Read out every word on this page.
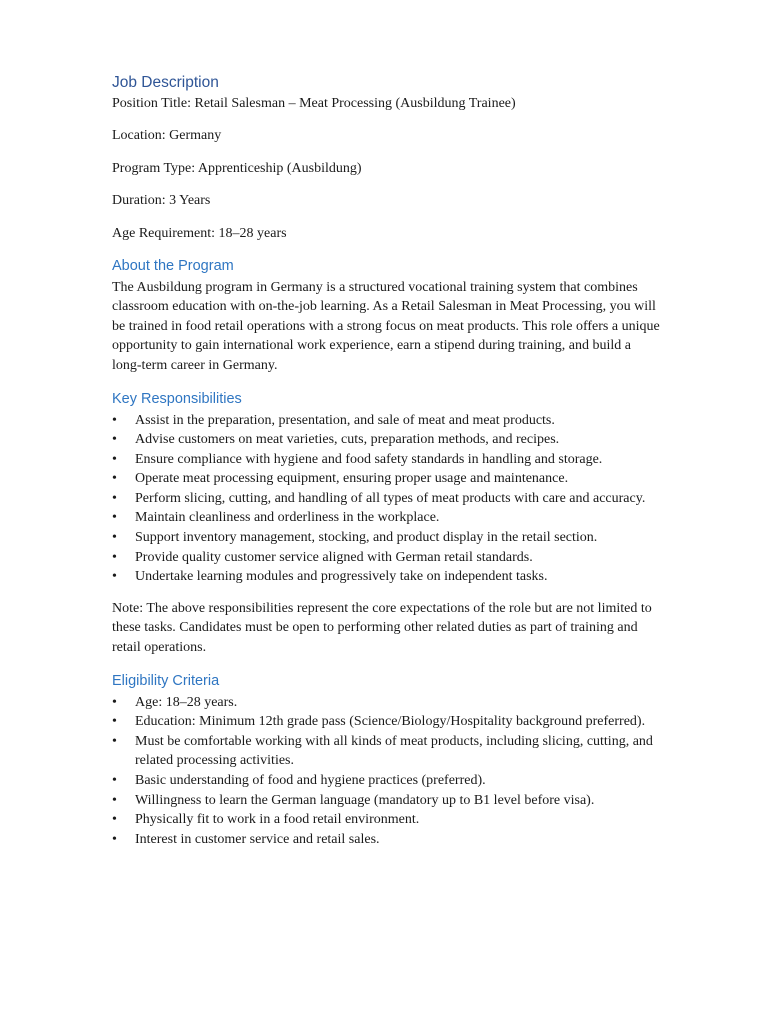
Job Description

Position Title: Retail Salesman – Meat Processing (Ausbildung Trainee)

Location: Germany

Program Type: Apprenticeship (Ausbildung)

Duration: 3 Years

Age Requirement: 18–28 years

About the Program

The Ausbildung program in Germany is a structured vocational training system that combines classroom education with on-the-job learning. As a Retail Salesman in Meat Processing, you will be trained in food retail operations with a strong focus on meat products. This role offers a unique opportunity to gain international work experience, earn a stipend during training, and build a long-term career in Germany.

Key Responsibilities
•	Assist in the preparation, presentation, and sale of meat and meat products.
•	Advise customers on meat varieties, cuts, preparation methods, and recipes.
•	Ensure compliance with hygiene and food safety standards in handling and storage.
•	Operate meat processing equipment, ensuring proper usage and maintenance.
•	Perform slicing, cutting, and handling of all types of meat products with care and accuracy.
•	Maintain cleanliness and orderliness in the workplace.
•	Support inventory management, stocking, and product display in the retail section.
•	Provide quality customer service aligned with German retail standards.
•	Undertake learning modules and progressively take on independent tasks.

Note: The above responsibilities represent the core expectations of the role but are not limited to these tasks. Candidates must be open to performing other related duties as part of training and retail operations.

Eligibility Criteria
•	Age: 18–28 years.
•	Education: Minimum 12th grade pass (Science/Biology/Hospitality background preferred).
•	Must be comfortable working with all kinds of meat products, including slicing, cutting, and related processing activities.
•	Basic understanding of food and hygiene practices (preferred).
•	Willingness to learn the German language (mandatory up to B1 level before visa).
•	Physically fit to work in a food retail environment.
•	Interest in customer service and retail sales.
